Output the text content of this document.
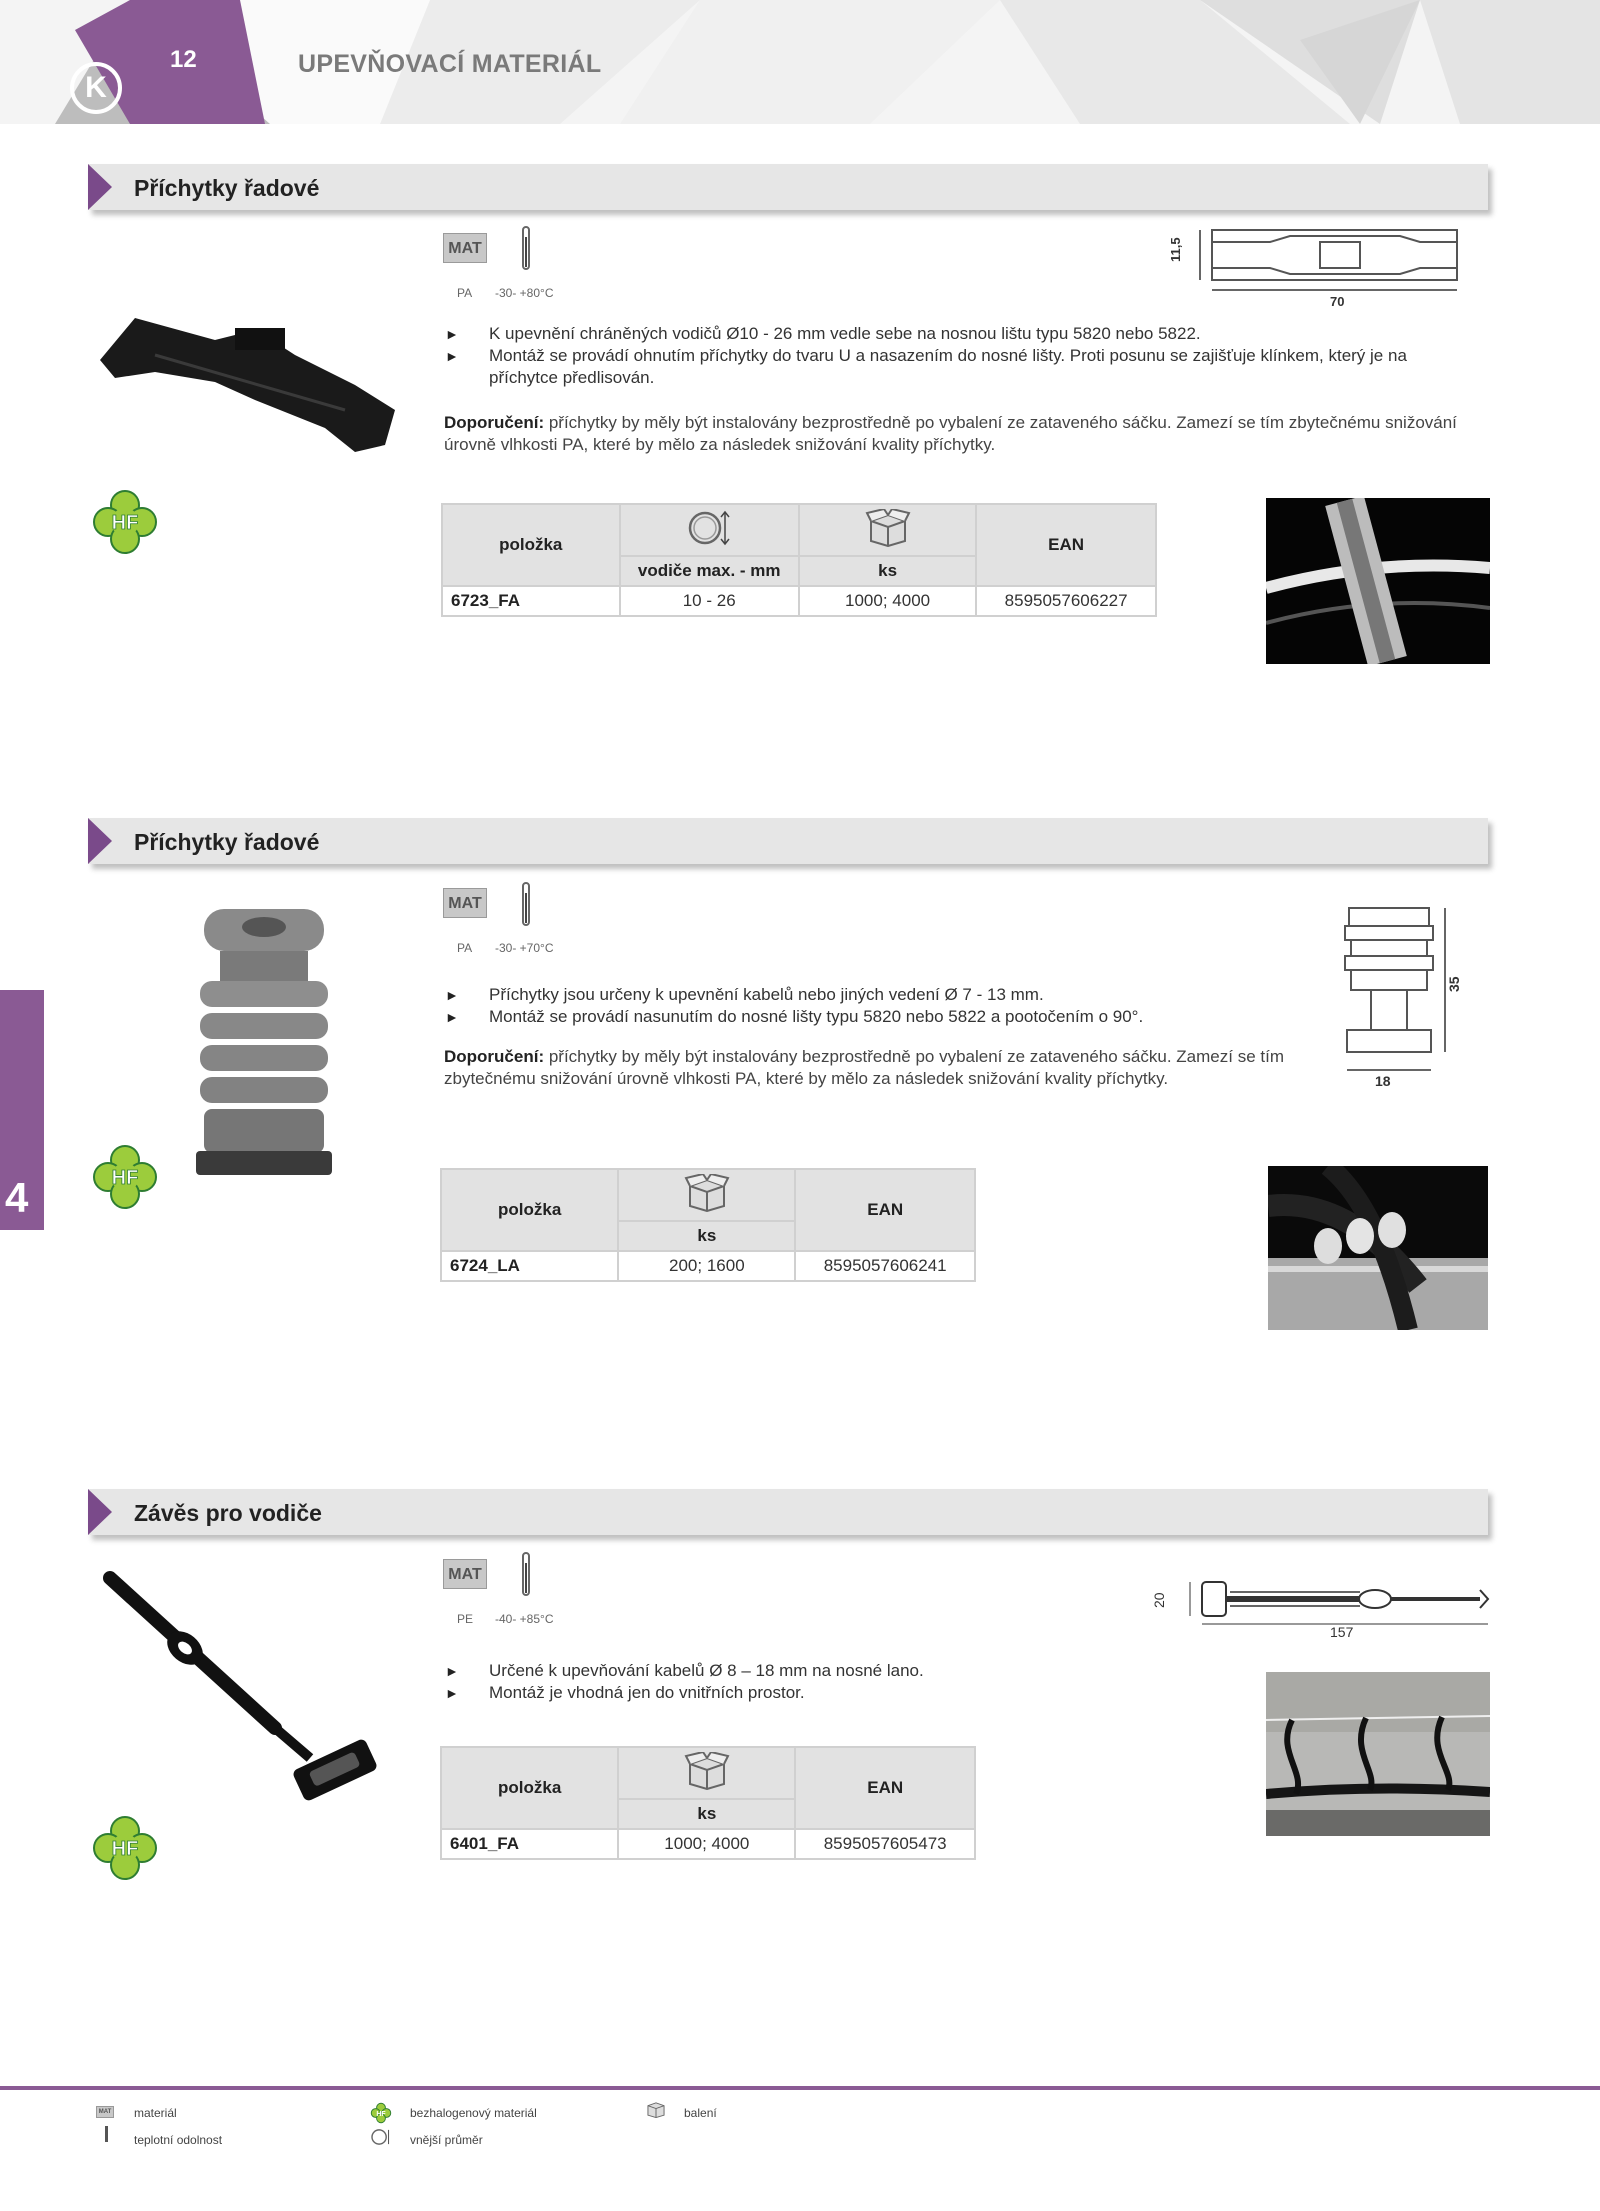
K
12	UPEVŇOVACÍ MATERIÁL
4
Příchytky řadové
MAT
PA -30- +80°C
11,5
70
► K upevnění chráněných vodičů Ø10 - 26 mm vedle sebe na nosnou lištu typu 5820 nebo 5822.
► Montáž se provádí ohnutím příchytky do tvaru U a nasazením do nosné lišty. Proti posunu se zajišťuje klínkem, který je na příchytce předlisován.

Doporučení: příchytky by měly být instalovány bezprostředně po vybalení ze zataveného sáčku. Zamezí se tím zbytečnému snižování úrovně vlhkosti PA, které by mělo za následek snižování kvality příchytky.

HF
položka			EAN
	vodiče max. - mm	ks	
6723_FA	10 - 26	1000; 4000	8595057606227
Příchytky řadové
MAT
PA -30- +70°C
35
18
► Příchytky jsou určeny k upevnění kabelů nebo jiných vedení Ø 7 - 13 mm.
► Montáž se provádí nasunutím do nosné lišty typu 5820 nebo 5822 a pootočením o 90°.

Doporučení: příchytky by měly být instalovány bezprostředně po vybalení ze zataveného sáčku. Zamezí se tím zbytečnému snižování úrovně vlhkosti PA, které by mělo za následek snižování kvality příchytky.

HF
položka		EAN
	ks	
6724_LA	200; 1600	8595057606241
Závěs pro vodiče
MAT
PE -40- +85°C
20
157
► Určené k upevňování kabelů Ø 8 – 18 mm na nosné lano.
► Montáž je vhodná jen do vnitřních prostor.
HF
položka		EAN
	ks	
6401_FA	1000; 4000	8595057605473
MAT materiál
teplotní odolnost
HF bezhalogenový materiál
vnější průměr
balení
